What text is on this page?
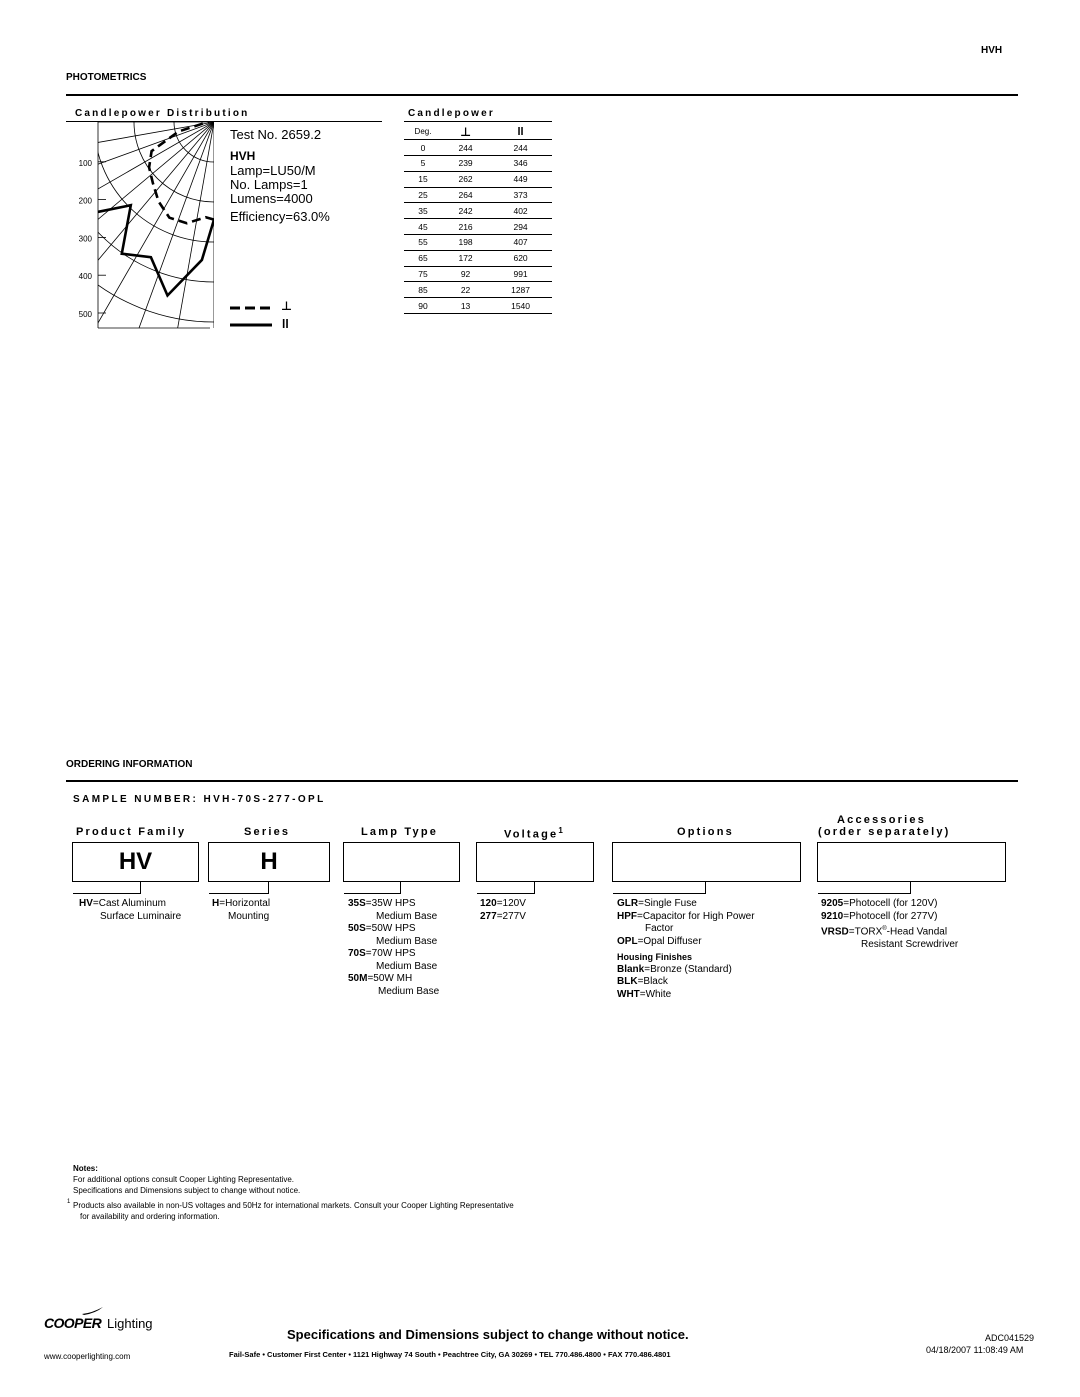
HVH
PHOTOMETRICS
Candlepower Distribution
100
200
300
400
500
Test No. 2659.2
HVH
Lamp=LU50/M
No. Lamps=1
Lumens=4000
Efficiency=63.0%
⊥
ll
Candlepower
Deg.	⊥	ll
0	244	244
5	239	346
15	262	449
25	264	373
35	242	402
45	216	294
55	198	407
65	172	620
75	92	991
85	22	1287
90	13	1540
ORDERING INFORMATION
SAMPLE NUMBER: HVH-70S-277-OPL
Product Family	Series	Lamp Type	Voltage$^1$	Options
Accessories
(order separately)
HV	H
HV=Cast Aluminum
Surface Luminaire
H=Horizontal
Mounting
35S=35W HPS
Medium Base
50S=50W HPS
Medium Base
70S=70W HPS
Medium Base
50M=50W MH
Medium Base
120=120V
277=277V
GLR=Single Fuse
HPF=Capacitor for High Power
Factor
OPL=Opal Diffuser
Housing Finishes
Blank=Bronze (Standard)
BLK=Black
WHT=White
9205=Photocell (for 120V)
9210=Photocell (for 277V)
VRSD=TORX®-Head Vandal
Resistant Screwdriver
Notes:
For additional options consult Cooper Lighting Representative.
Specifications and Dimensions subject to change without notice.
1 Products also available in non-US voltages and 50Hz for international markets. Consult your Cooper Lighting Representative
for availability and ordering information.
COOPER Lighting
www.cooperlighting.com
Specifications and Dimensions subject to change without notice.
Fail-Safe • Customer First Center • 1121 Highway 74 South • Peachtree City, GA 30269 • TEL 770.486.4800 • FAX 770.486.4801
ADC041529
04/18/2007 11:08:49 AM
